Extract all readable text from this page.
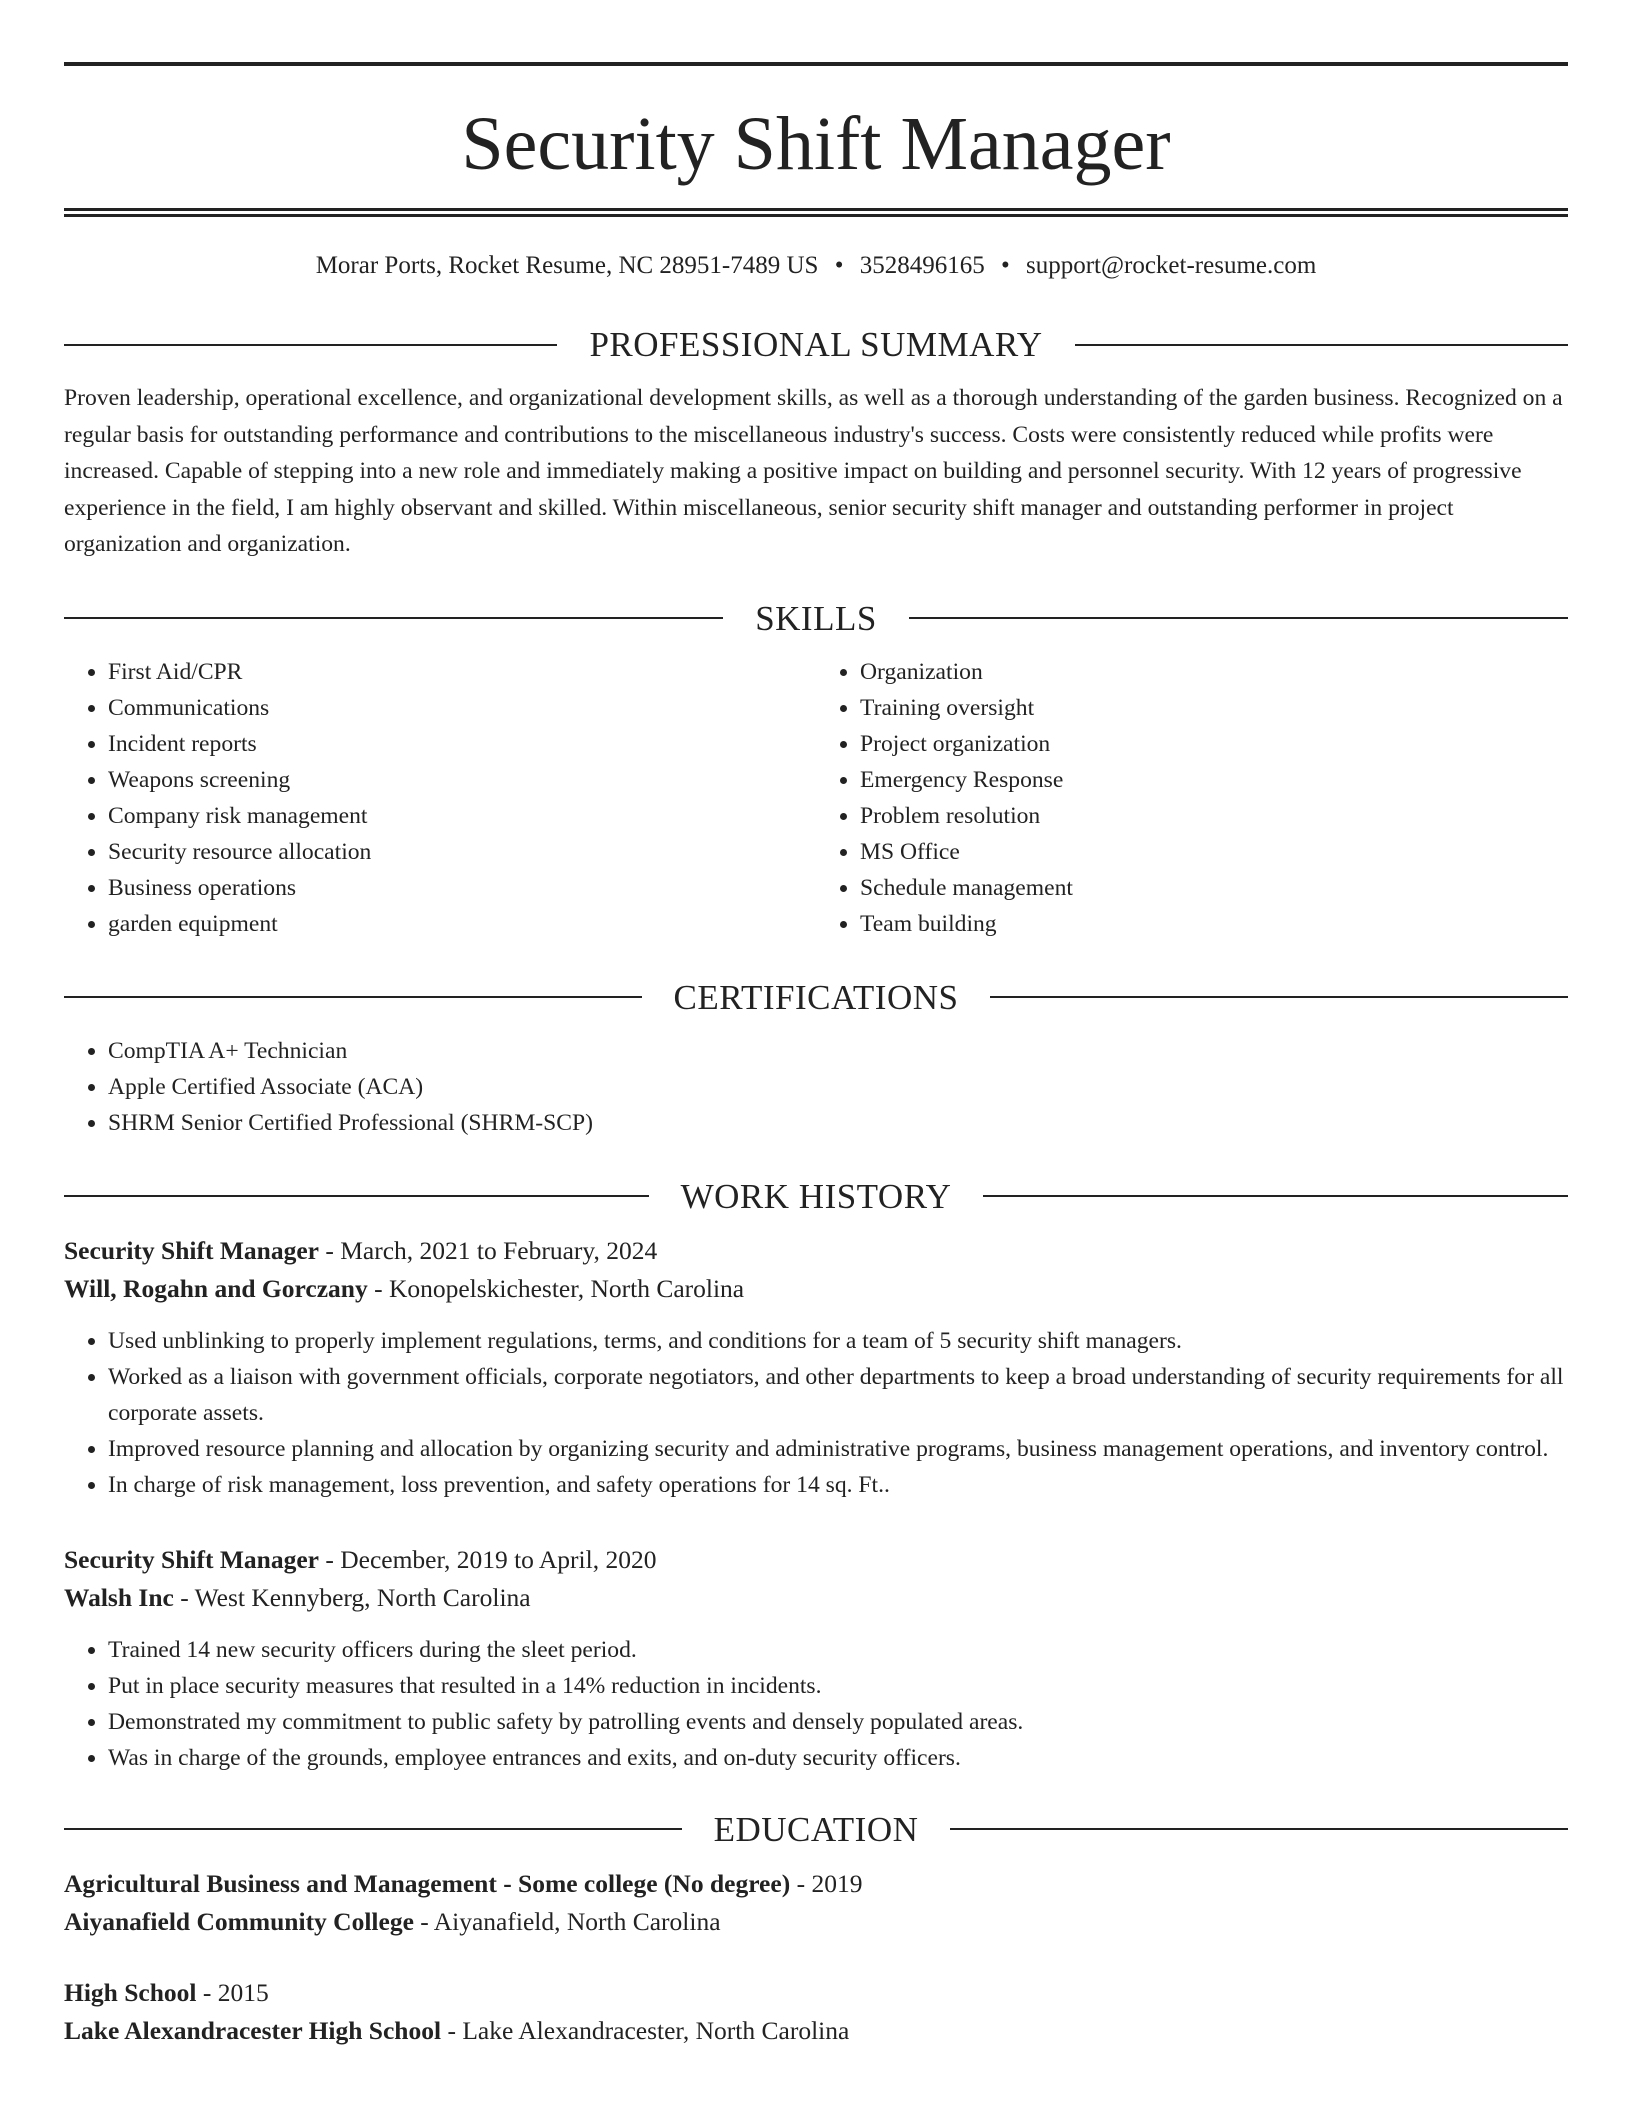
Security Shift Manager
Morar Ports, Rocket Resume, NC 28951-7489 US • 3528496165 • support@rocket-resume.com
PROFESSIONAL SUMMARY
Proven leadership, operational excellence, and organizational development skills, as well as a thorough understanding of the garden business. Recognized on a regular basis for outstanding performance and contributions to the miscellaneous industry's success. Costs were consistently reduced while profits were increased. Capable of stepping into a new role and immediately making a positive impact on building and personnel security. With 12 years of progressive experience in the field, I am highly observant and skilled. Within miscellaneous, senior security shift manager and outstanding performer in project organization and organization.
SKILLS
• First Aid/CPR
• Communications
• Incident reports
• Weapons screening
• Company risk management
• Security resource allocation
• Business operations
• garden equipment
• Organization
• Training oversight
• Project organization
• Emergency Response
• Problem resolution
• MS Office
• Schedule management
• Team building
CERTIFICATIONS
• CompTIA A+ Technician
• Apple Certified Associate (ACA)
• SHRM Senior Certified Professional (SHRM-SCP)
WORK HISTORY
Security Shift Manager - March, 2021 to February, 2024
Will, Rogahn and Gorczany - Konopelskichester, North Carolina
• Used unblinking to properly implement regulations, terms, and conditions for a team of 5 security shift managers.
• Worked as a liaison with government officials, corporate negotiators, and other departments to keep a broad understanding of security requirements for all corporate assets.
• Improved resource planning and allocation by organizing security and administrative programs, business management operations, and inventory control.
• In charge of risk management, loss prevention, and safety operations for 14 sq. Ft..
Security Shift Manager - December, 2019 to April, 2020
Walsh Inc - West Kennyberg, North Carolina
• Trained 14 new security officers during the sleet period.
• Put in place security measures that resulted in a 14% reduction in incidents.
• Demonstrated my commitment to public safety by patrolling events and densely populated areas.
• Was in charge of the grounds, employee entrances and exits, and on-duty security officers.
EDUCATION
Agricultural Business and Management - Some college (No degree) - 2019
Aiyanafield Community College - Aiyanafield, North Carolina
High School - 2015
Lake Alexandracester High School - Lake Alexandracester, North Carolina
